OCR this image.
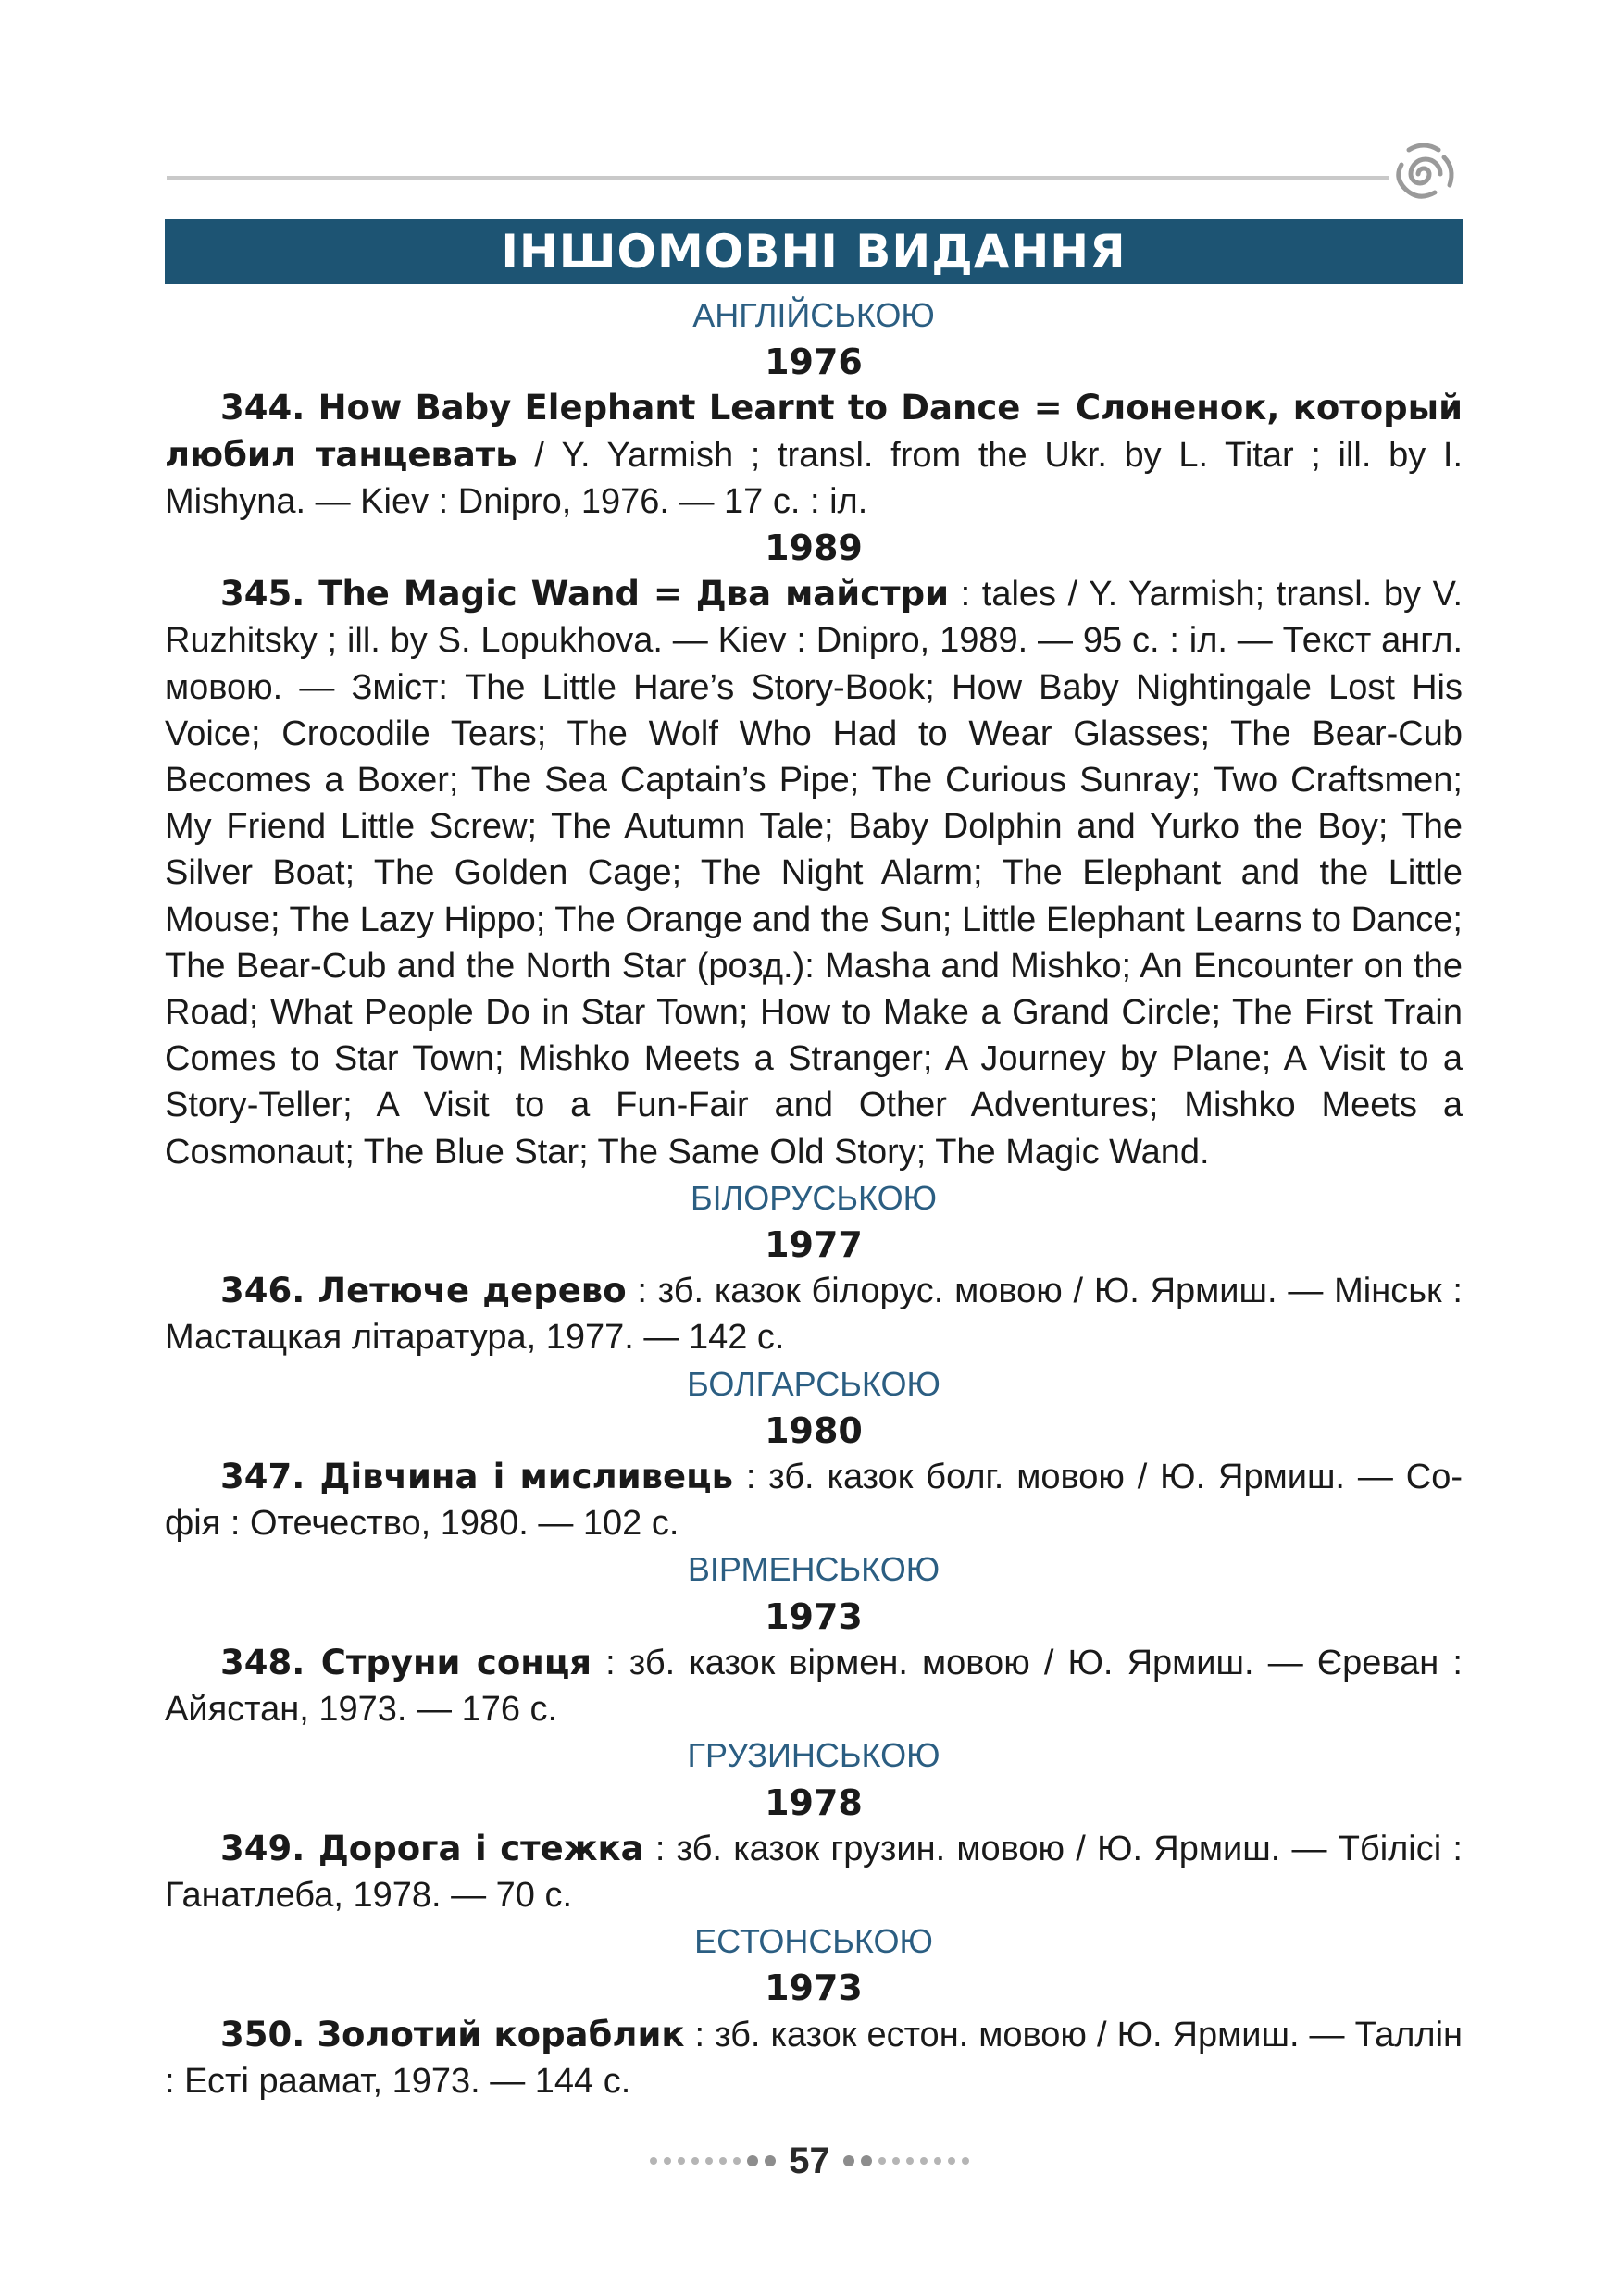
ІНШОМОВНІ ВИДАННЯ
АНГЛІЙСЬКОЮ
1976
344. How Baby Elephant Learnt to Dance = Слоненок, который любил танцевать / Y. Yarmish ; transl. from the Ukr. by L. Titar ; ill. by I. Mishyna. — Kiev : Dnipro, 1976. — 17 с. : іл.
1989
345. The Magic Wand = Два майстри : tales / Y. Yarmish; transl. by V. Ruzhitsky ; ill. by S. Lopukhova. — Kiev : Dnipro, 1989. — 95 с. : іл. — Текст англ. мовою. — Зміст: The Little Hare’s Story-Book; How Baby Nightingale Lost His Voice; Crocodile Tears; The Wolf Who Had to Wear Glasses; The Bear-Cub Becomes a Boxer; The Sea Captain’s Pipe; The Curious Sunray; Two Craftsmen; My Friend Little Screw; The Autumn Tale; Baby Dolphin and Yurko the Boy; The Silver Boat; The Golden Cage; The Night Alarm; The Elephant and the Little Mouse; The Lazy Hippo; The Orange and the Sun; Little Elephant Learns to Dance; The Bear-Cub and the North Star (розд.): Masha and Mishko; An Encounter on the Road; What People Do in Star Town; How to Make a Grand Circle; The First Train Comes to Star Town; Mishko Meets a Stranger; A Journey by Plane; A Visit to a Story-Teller; A Visit to a Fun-Fair and Other Adventures; Mishko Meets a Cosmonaut; The Blue Star; The Same Old Story; The Magic Wand.
БІЛОРУСЬКОЮ
1977
346. Летюче дерево : зб. казок білорус. мовою / Ю. Ярмиш. — Мінськ : Мастацкая літаратура, 1977. — 142 с.
БОЛГАРСЬКОЮ
1980
347. Дівчина і мисливець : зб. казок болг. мовою / Ю. Ярмиш. — Софія : Отечество, 1980. — 102 с.
ВІРМЕНСЬКОЮ
1973
348. Струни сонця : зб. казок вірмен. мовою / Ю. Ярмиш. — Єреван : Айястан, 1973. — 176 с.
ГРУЗИНСЬКОЮ
1978
349. Дорога і стежка : зб. казок грузин. мовою / Ю. Ярмиш. — Тбілісі : Ганатлеба, 1978. — 70 с.
ЕСТОНСЬКОЮ
1973
350. Золотий кораблик : зб. казок естон. мовою / Ю. Ярмиш. — Таллін : Есті раамат, 1973. — 144 с.
57
